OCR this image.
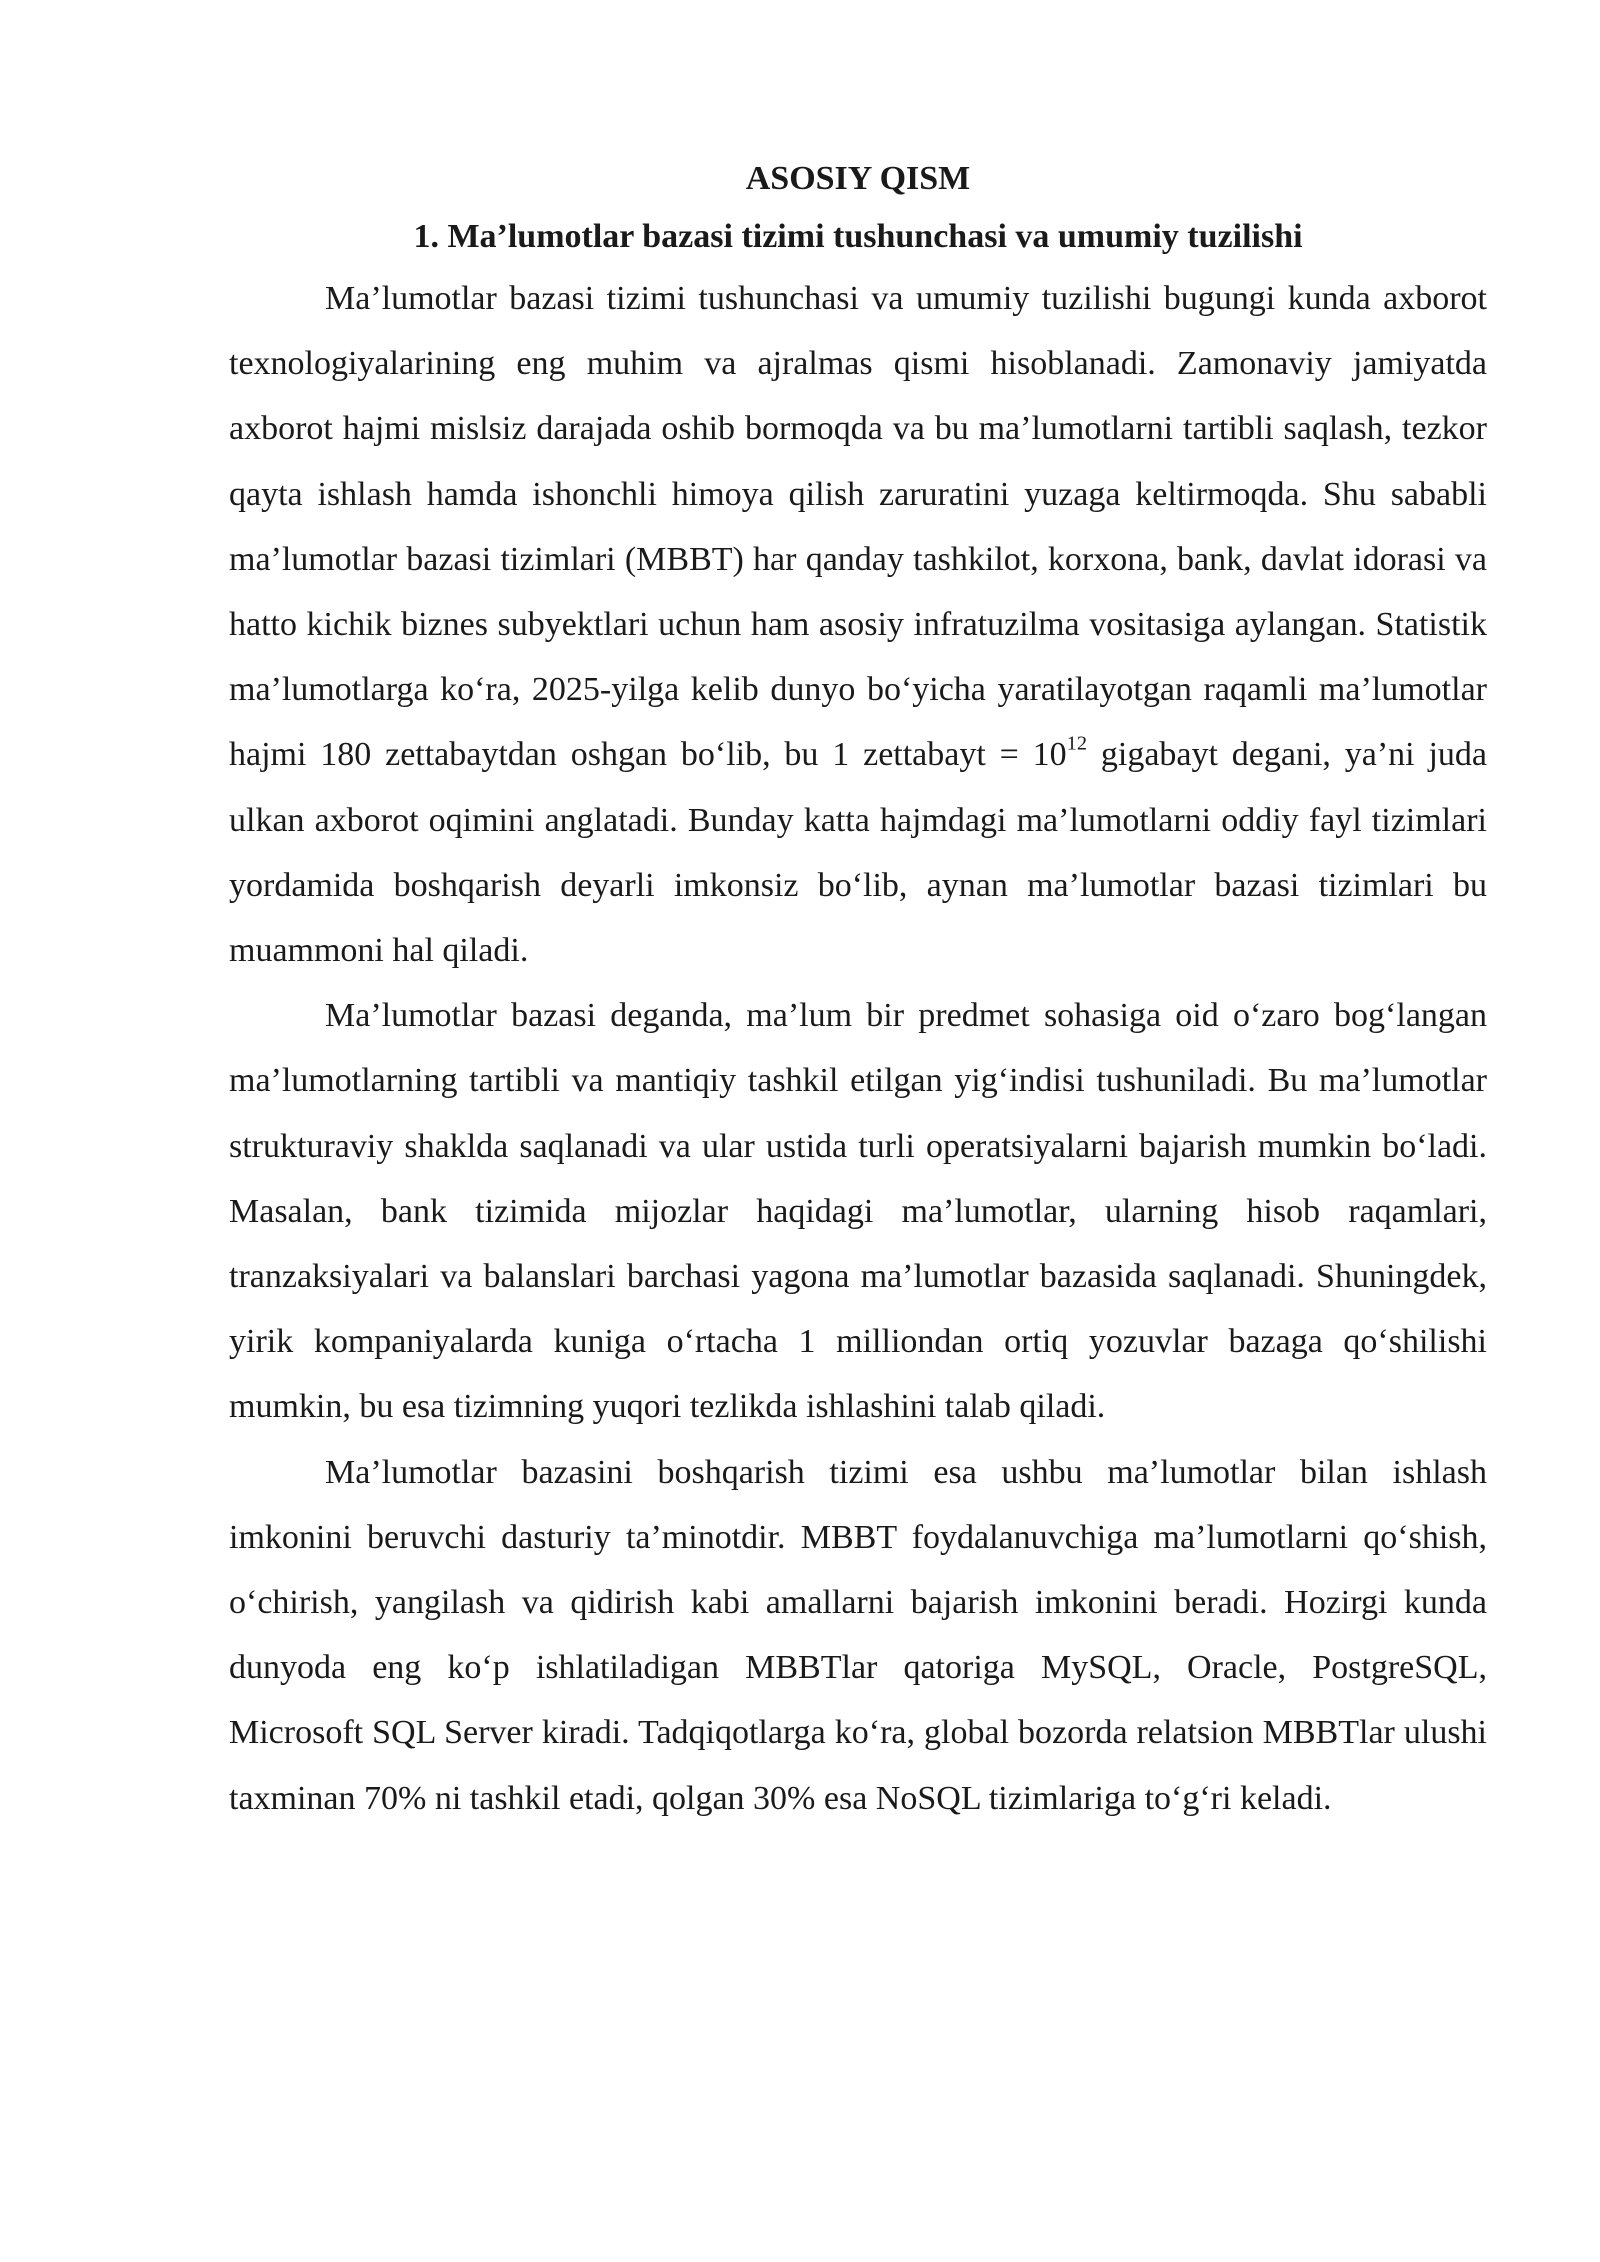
ASOSIY QISM
1. Ma’lumotlar bazasi tizimi tushunchasi va umumiy tuzilishi

Ma’lumotlar bazasi tizimi tushunchasi va umumiy tuzilishi bugungi kunda axborot texnologiyalarining eng muhim va ajralmas qismi hisoblanadi. Zamonaviy jamiyatda axborot hajmi mislsiz darajada oshib bormoqda va bu ma’lumotlarni tartibli saqlash, tezkor qayta ishlash hamda ishonchli himoya qilish zaruratini yuzaga keltirmoqda. Shu sababli ma’lumotlar bazasi tizimlari (MBBT) har qanday tashkilot, korxona, bank, davlat idorasi va hatto kichik biznes subyektlari uchun ham asosiy infratuzilma vositasiga aylangan. Statistik ma’lumotlarga ko‘ra, 2025-yilga kelib dunyo bo‘yicha yaratilayotgan raqamli ma’lumotlar hajmi 180 zettabaytdan oshgan bo‘lib, bu 1 zettabayt = $10^{12}$ gigabayt degani, ya’ni juda ulkan axborot oqimini anglatadi. Bunday katta hajmdagi ma’lumotlarni oddiy fayl tizimlari yordamida boshqarish deyarli imkonsiz bo‘lib, aynan ma’lumotlar bazasi tizimlari bu muammoni hal qiladi.

Ma’lumotlar bazasi deganda, ma’lum bir predmet sohasiga oid o‘zaro bog‘langan ma’lumotlarning tartibli va mantiqiy tashkil etilgan yig‘indisi tushuniladi. Bu ma’lumotlar strukturaviy shaklda saqlanadi va ular ustida turli operatsiyalarni bajarish mumkin bo‘ladi. Masalan, bank tizimida mijozlar haqidagi ma’lumotlar, ularning hisob raqamlari, tranzaksiyalari va balanslari barchasi yagona ma’lumotlar bazasida saqlanadi. Shuningdek, yirik kompaniyalarda kuniga o‘rtacha 1 milliondan ortiq yozuvlar bazaga qo‘shilishi mumkin, bu esa tizimning yuqori tezlikda ishlashini talab qiladi.

Ma’lumotlar bazasini boshqarish tizimi esa ushbu ma’lumotlar bilan ishlash imkonini beruvchi dasturiy ta’minotdir. MBBT foydalanuvchiga ma’lumotlarni qo‘shish, o‘chirish, yangilash va qidirish kabi amallarni bajarish imkonini beradi. Hozirgi kunda dunyoda eng ko‘p ishlatiladigan MBBTlar qatoriga MySQL, Oracle, PostgreSQL, Microsoft SQL Server kiradi. Tadqiqotlarga ko‘ra, global bozorda relatsion MBBTlar ulushi taxminan 70% ni tashkil etadi, qolgan 30% esa NoSQL tizimlariga to‘g‘ri keladi.
